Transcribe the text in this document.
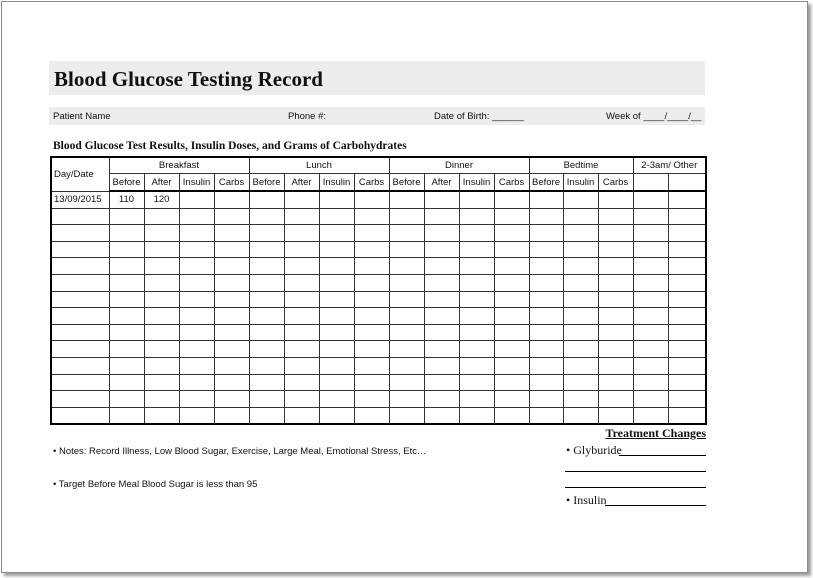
Blood Glucose Testing Record
Patient Name	Phone #:	Date of Birth: ______	Week of ____/____/__
Blood Glucose Test Results, Insulin Doses, and Grams of Carbohydrates
Day/Date	Breakfast				Lunch				Dinner				Bedtime			2-3am/ Other	
	Before	After	Insulin	Carbs	Before	After	Insulin	Carbs	Before	After	Insulin	Carbs	Before	Insulin	Carbs		
13/09/2015	110	120															

• Notes: Record Illness, Low Blood Sugar, Exercise, Large Meal, Emotional Stress, Etc…
• Target Before Meal Blood Sugar is less than 95
Treatment Changes
• Glyburide
• Insulin
